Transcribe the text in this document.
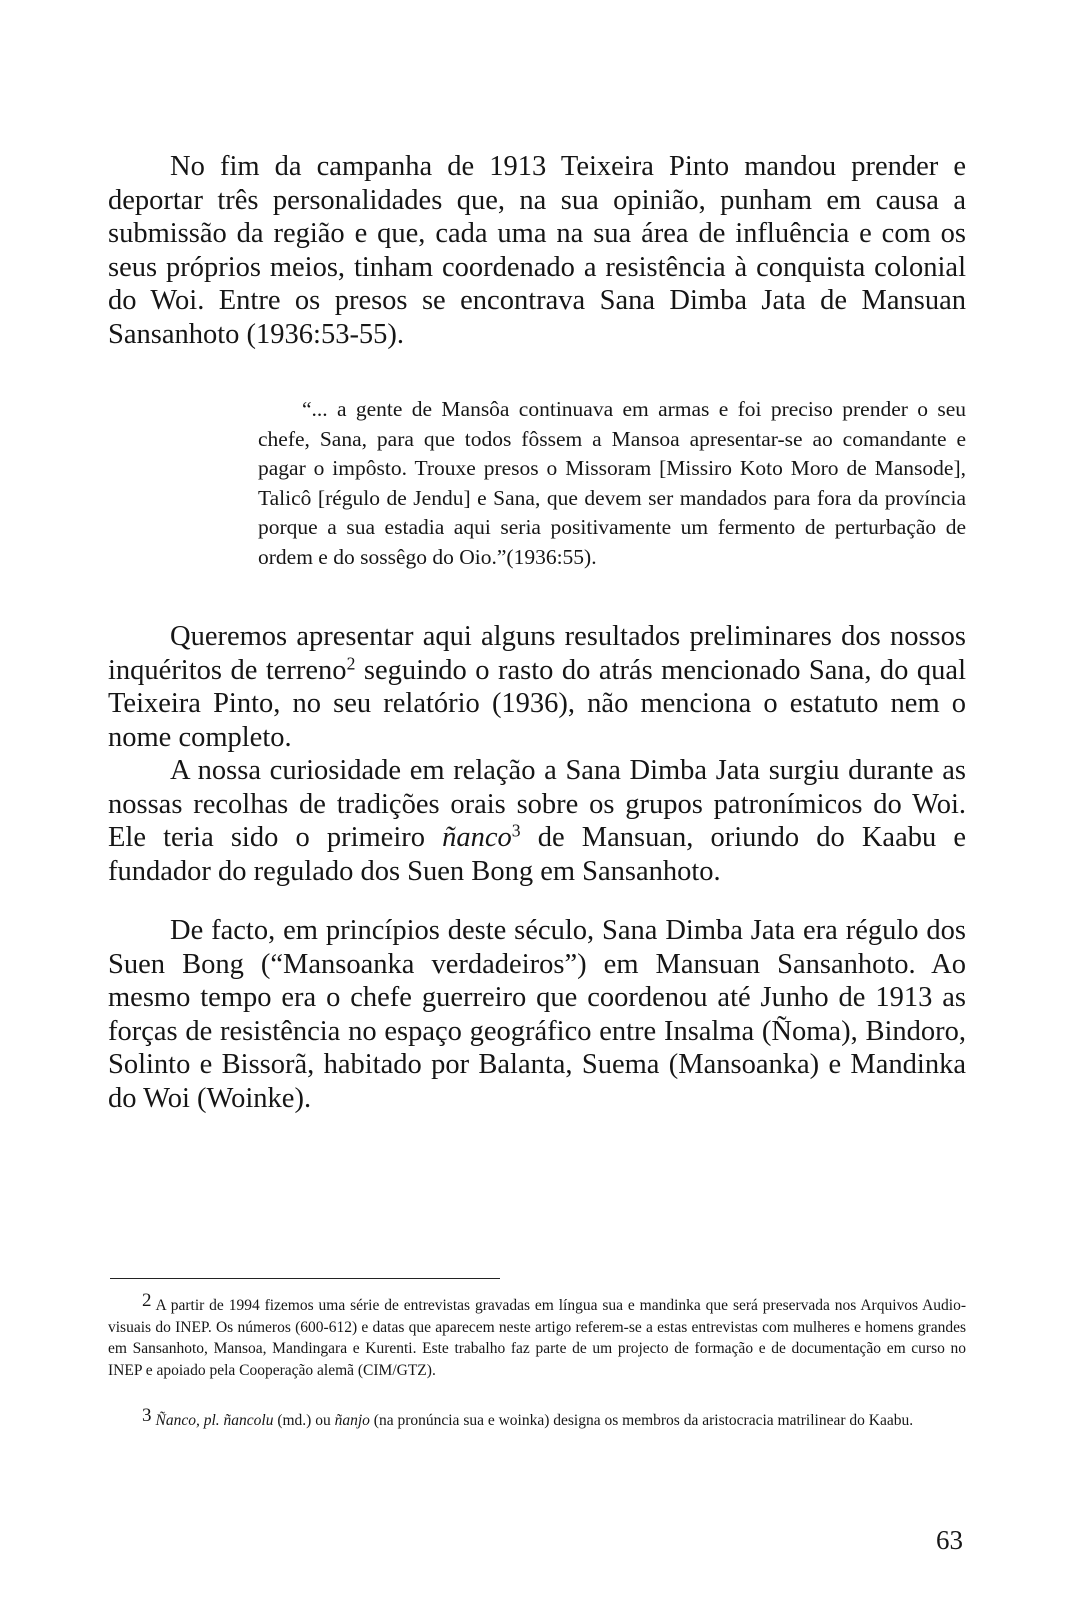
No fim da campanha de 1913 Teixeira Pinto mandou prender e deportar três personalidades que, na sua opinião, punham em causa a submissão da região e que, cada uma na sua área de influência e com os seus próprios meios, tinham coordenado a resistência à conquista colonial do Woi. Entre os presos se encontrava Sana Dimba Jata de Mansuan Sansanhoto (1936:53-55).

“... a gente de Mansôa continuava em armas e foi preciso prender o seu chefe, Sana, para que todos fôssem a Mansoa apresentar-se ao comandante e pagar o impôsto. Trouxe presos o Missoram [Missiro Koto Moro de Mansode], Talicô [régulo de Jendu] e Sana, que devem ser mandados para fora da província porque a sua estadia aqui seria positivamente um fermento de perturbação de ordem e do sossêgo do Oio.”(1936:55).

Queremos apresentar aqui alguns resultados preliminares dos nossos inquéritos de terreno$^2$ seguindo o rasto do atrás mencionado Sana, do qual Teixeira Pinto, no seu relatório (1936), não menciona o estatuto nem o nome completo.

A nossa curiosidade em relação a Sana Dimba Jata surgiu durante as nossas recolhas de tradições orais sobre os grupos patronímicos do Woi. Ele teria sido o primeiro ñanco$^3$ de Mansuan, oriundo do Kaabu e fundador do regulado dos Suen Bong em Sansanhoto.

De facto, em princípios deste século, Sana Dimba Jata era régulo dos Suen Bong (“Mansoanka verdadeiros”) em Mansuan Sansanhoto. Ao mesmo tempo era o chefe guerreiro que coordenou até Junho de 1913 as forças de resistência no espaço geográfico entre Insalma (Ñoma), Bindoro, Solinto e Bissorã, habitado por Balanta, Suema (Mansoanka) e Mandinka do Woi (Woinke).

2 A partir de 1994 fizemos uma série de entrevistas gravadas em língua sua e mandinka que será preservada nos Arquivos Audio-visuais do INEP. Os números (600-612) e datas que aparecem neste artigo referem-se a estas entrevistas com mulheres e homens grandes em Sansanhoto, Mansoa, Mandingara e Kurenti. Este trabalho faz parte de um projecto de formação e de documentação em curso no INEP e apoiado pela Cooperação alemã (CIM/GTZ).

3 Ñanco, pl. ñancolu (md.) ou ñanjo (na pronúncia sua e woinka) designa os membros da aristocracia matrilinear do Kaabu.

63
